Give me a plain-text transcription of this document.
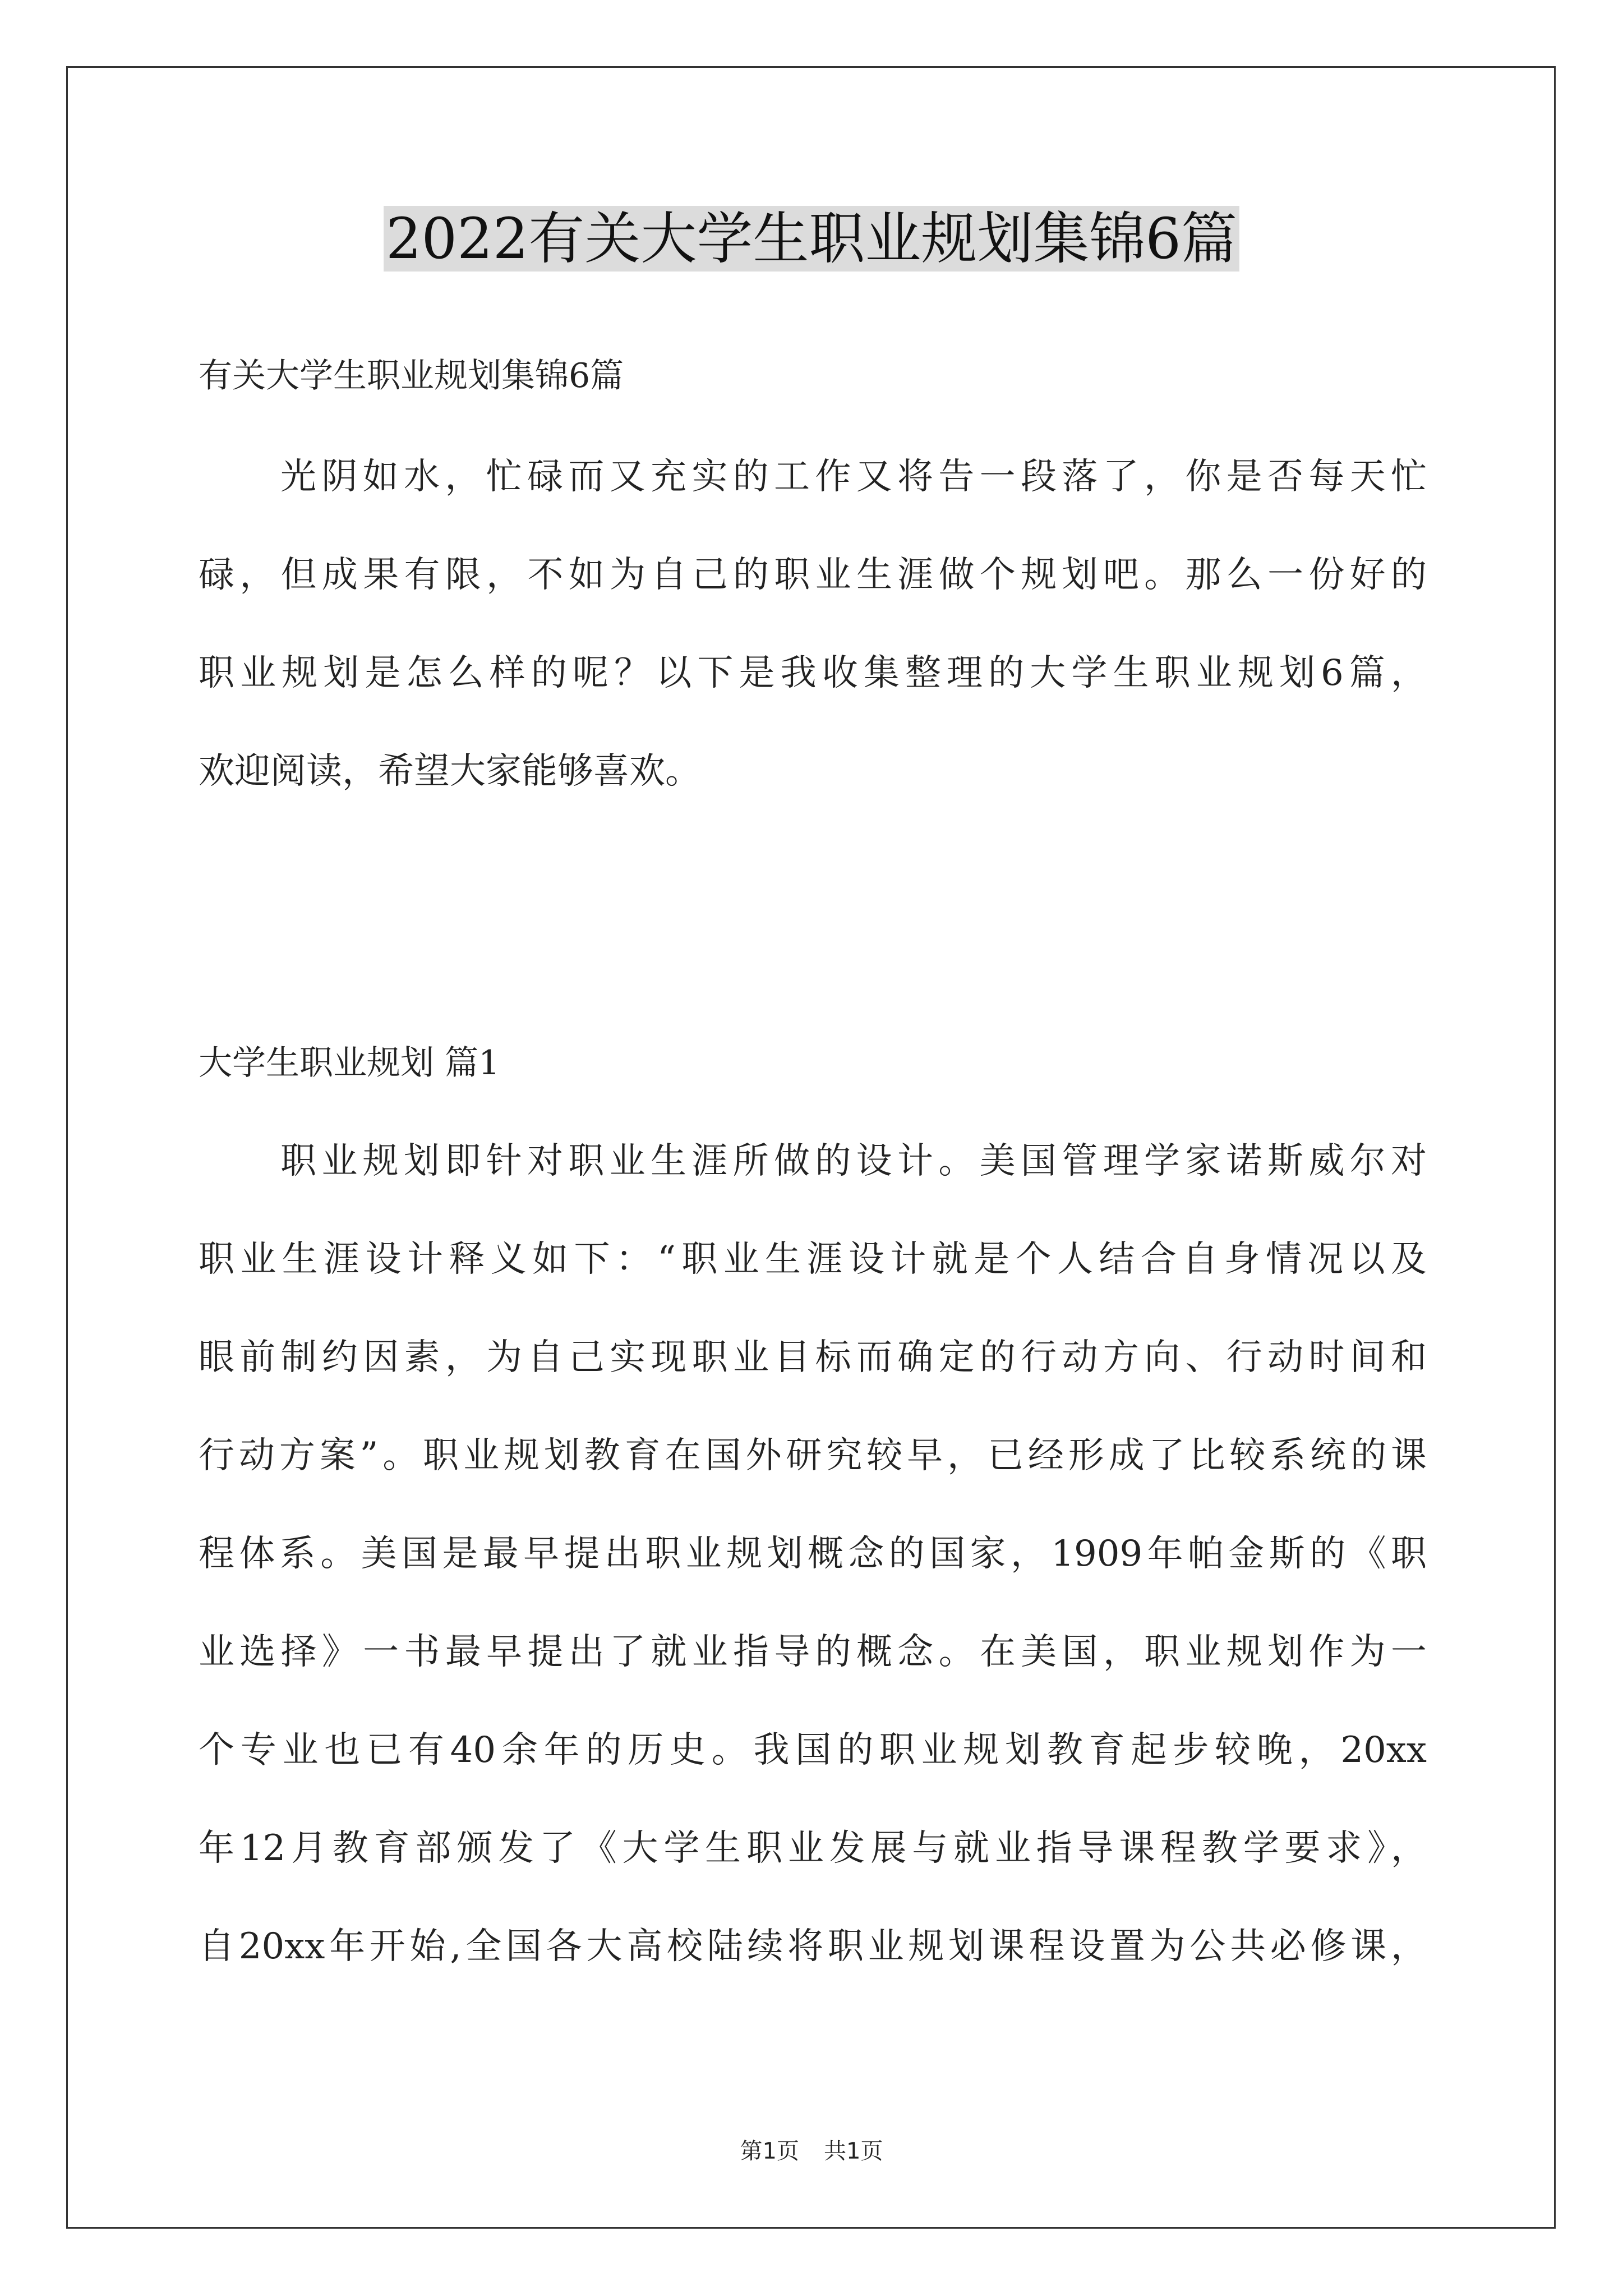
2022有关大学生职业规划集锦6篇
有关大学生职业规划集锦6篇
光阴如水，忙碌而又充实的工作又将告一段落了，你是否每天忙
碌，但成果有限，不如为自己的职业生涯做个规划吧。那么一份好的
职业规划是怎么样的呢？以下是我收集整理的大学生职业规划6篇，
欢迎阅读，希望大家能够喜欢。
大学生职业规划 篇1
职业规划即针对职业生涯所做的设计。美国管理学家诺斯威尔对
职业生涯设计释义如下：“职业生涯设计就是个人结合自身情况以及
眼前制约因素，为自己实现职业目标而确定的行动方向、行动时间和
行动方案”。职业规划教育在国外研究较早，已经形成了比较系统的课
程体系。美国是最早提出职业规划概念的国家，1909年帕金斯的《职
业选择》一书最早提出了就业指导的概念。在美国，职业规划作为一
个专业也已有40余年的历史。我国的职业规划教育起步较晚，20xx
年12月教育部颁发了《大学生职业发展与就业指导课程教学要求》，
自20xx年开始,全国各大高校陆续将职业规划课程设置为公共必修课，
第1页 共1页
